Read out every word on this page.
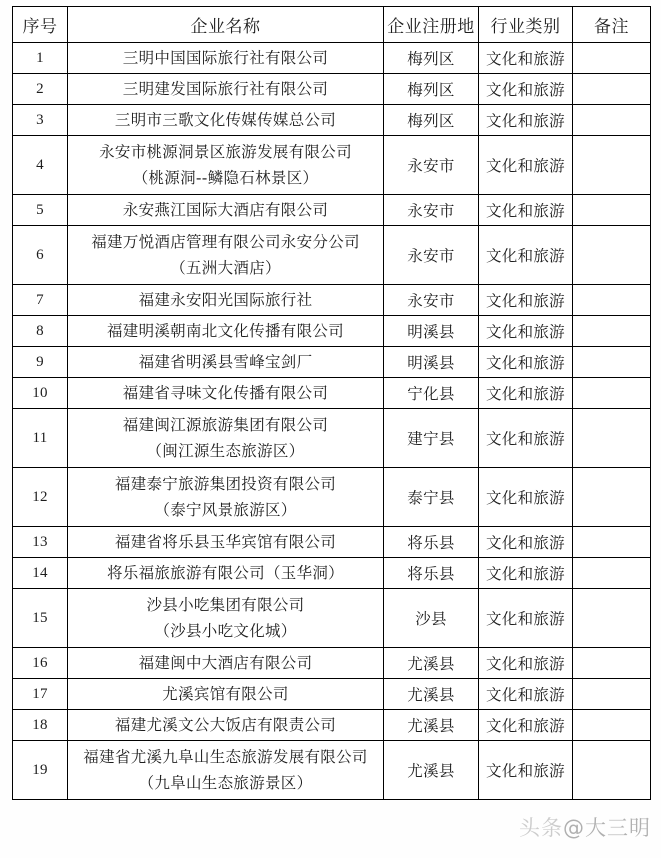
序号	企业名称	企业注册地	行业类别	备注
1	三明中国国际旅行社有限公司	梅列区	文化和旅游	
2	三明建发国际旅行社有限公司	梅列区	文化和旅游	
3	三明市三歌文化传媒传媒总公司	梅列区	文化和旅游	
4	永安市桃源洞景区旅游发展有限公司
（桃源洞--鳞隐石林景区）	永安市	文化和旅游	
5	永安燕江国际大酒店有限公司	永安市	文化和旅游	
6	福建万悦酒店管理有限公司永安分公司
（五洲大酒店）	永安市	文化和旅游	
7	福建永安阳光国际旅行社	永安市	文化和旅游	
8	福建明溪朝南北文化传播有限公司	明溪县	文化和旅游	
9	福建省明溪县雪峰宝剑厂	明溪县	文化和旅游	
10	福建省寻味文化传播有限公司	宁化县	文化和旅游	
11	福建闽江源旅游集团有限公司
（闽江源生态旅游区）	建宁县	文化和旅游	
12	福建泰宁旅游集团投资有限公司
（泰宁风景旅游区）	泰宁县	文化和旅游	
13	福建省将乐县玉华宾馆有限公司	将乐县	文化和旅游	
14	将乐福旅旅游有限公司（玉华洞）	将乐县	文化和旅游	
15	沙县小吃集团有限公司
（沙县小吃文化城）	沙县	文化和旅游	
16	福建闽中大酒店有限公司	尤溪县	文化和旅游	
17	尤溪宾馆有限公司	尤溪县	文化和旅游	
18	福建尤溪文公大饭店有限责公司	尤溪县	文化和旅游	
19	福建省尤溪九阜山生态旅游发展有限公司
（九阜山生态旅游景区）	尤溪县	文化和旅游	
头条@大三明
